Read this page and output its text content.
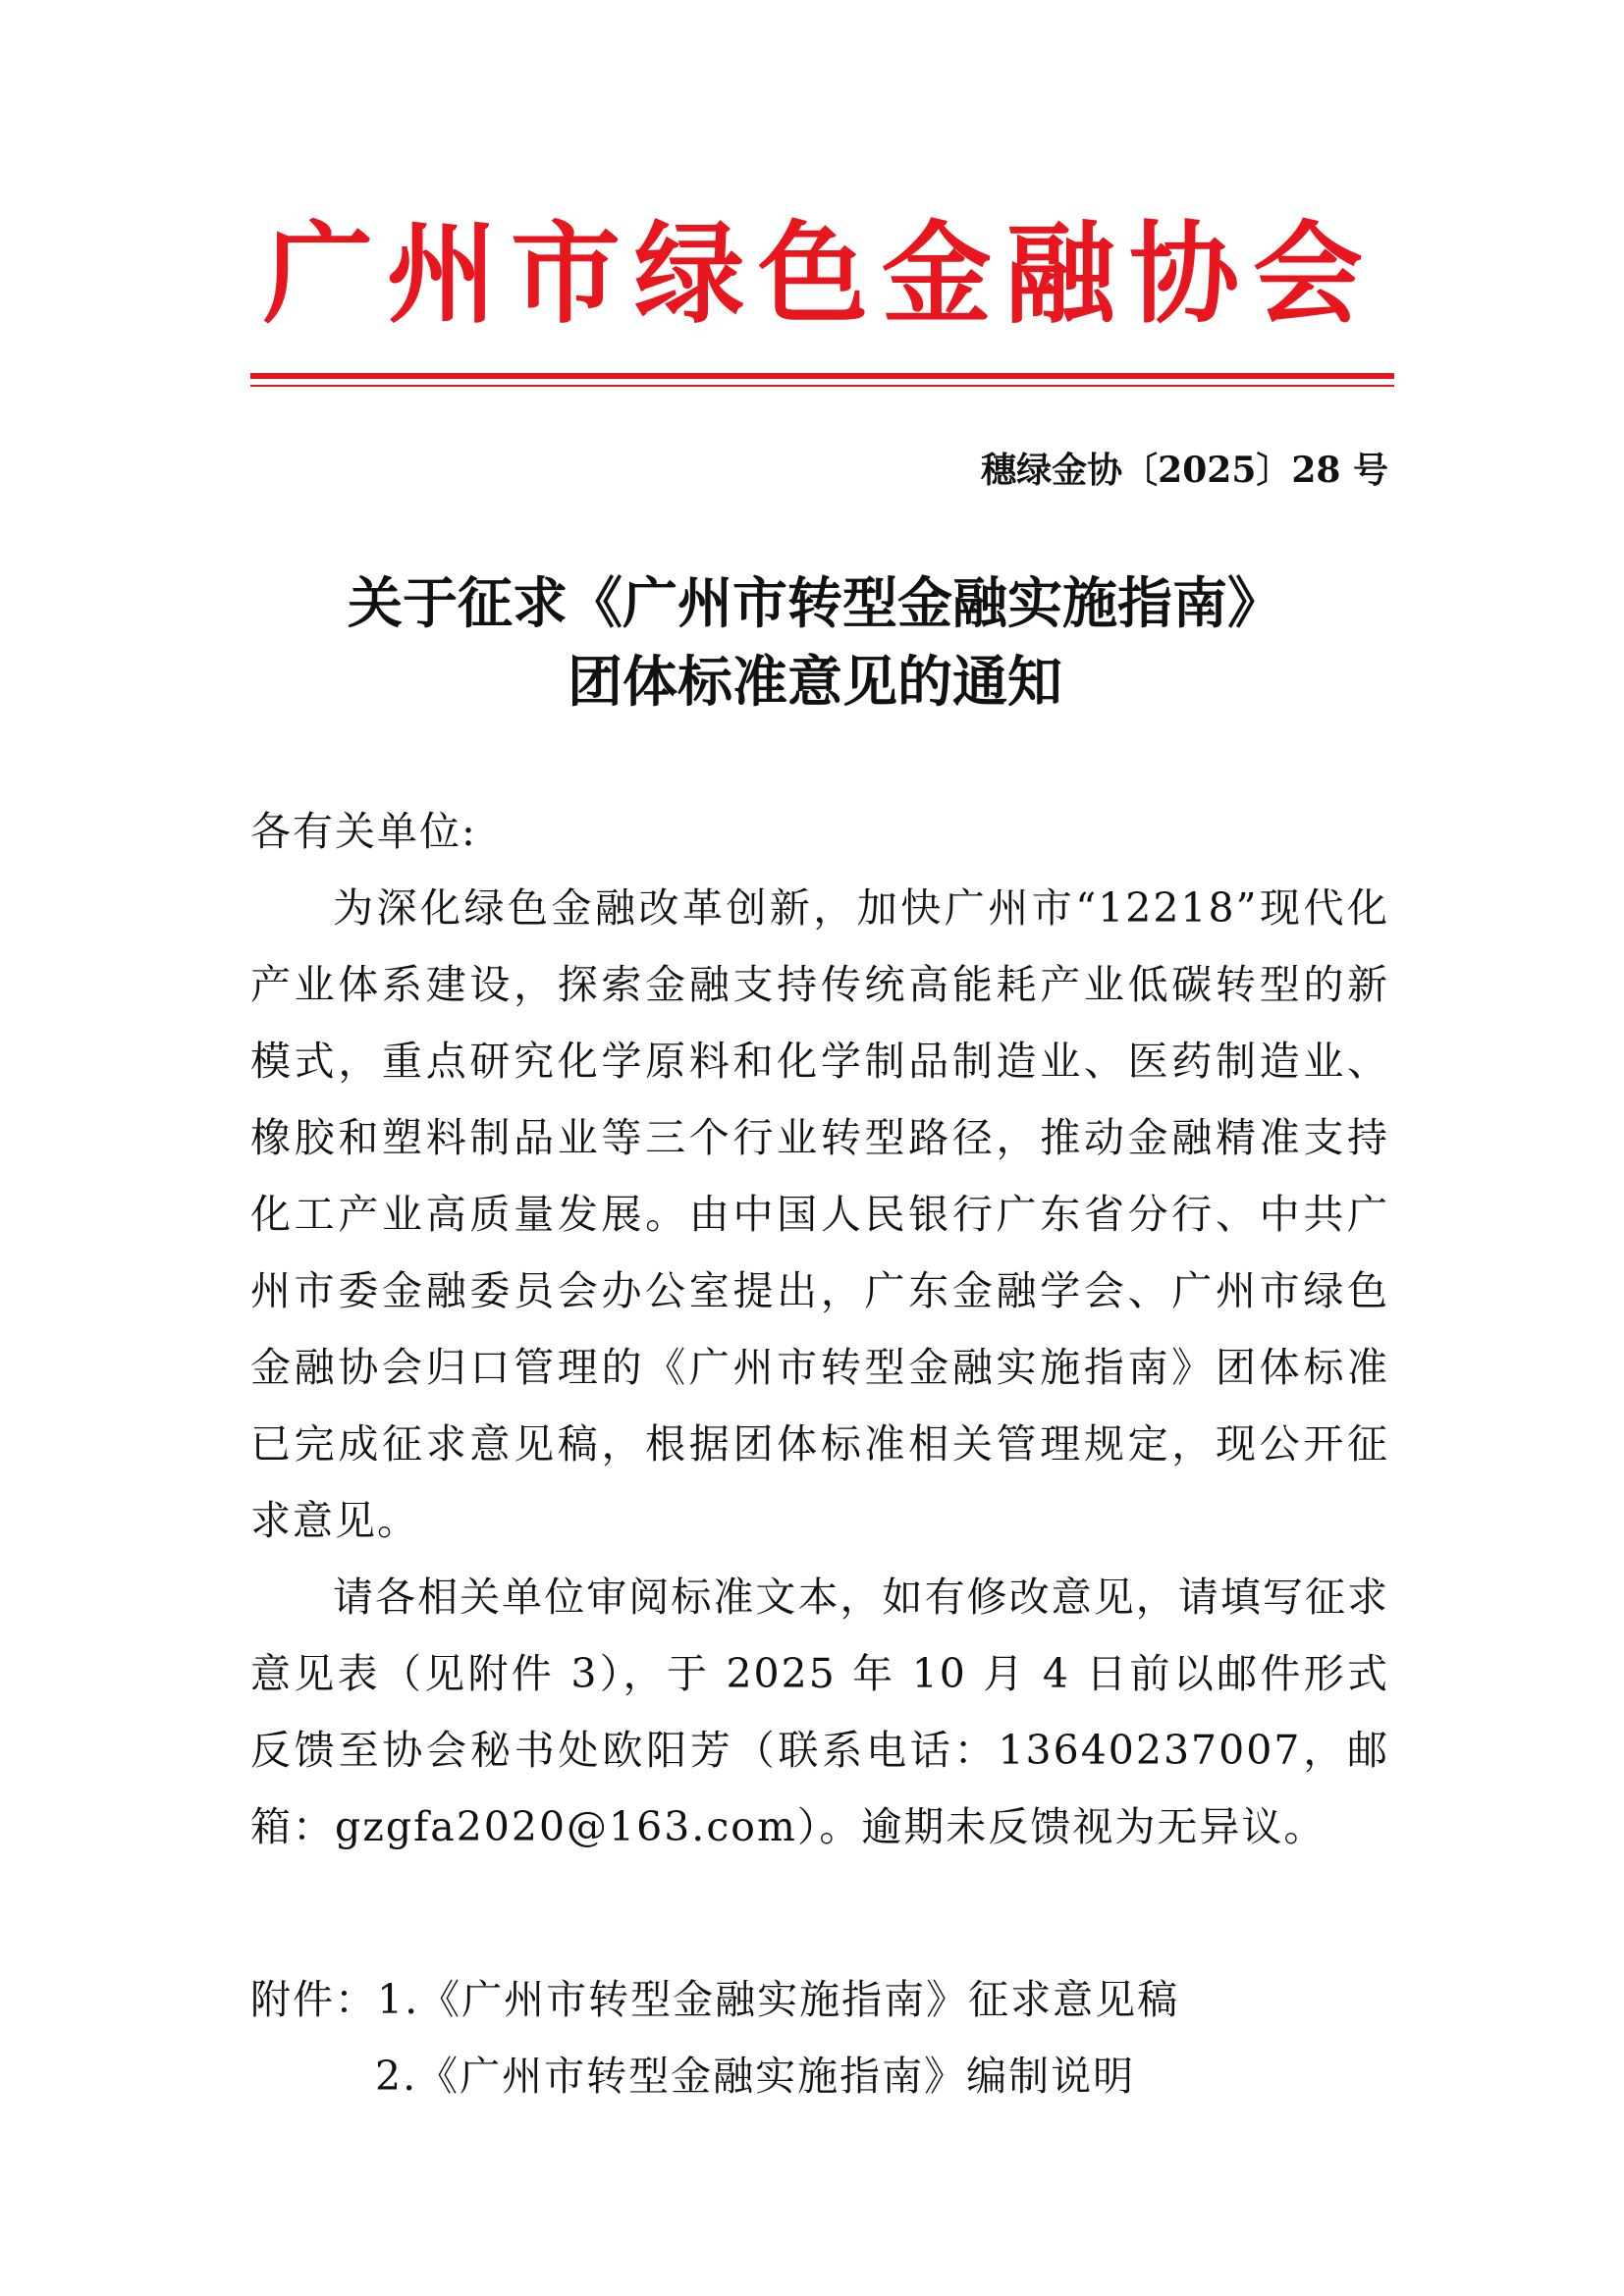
广州市绿色金融协会
穗绿金协〔2025〕28 号
关于征求《广州市转型金融实施指南》
团体标准意见的通知
各有关单位:
为深化绿色金融改革创新，加快广州市“12218”现代化产业体系建设，探索金融支持传统高能耗产业低碳转型的新模式，重点研究化学原料和化学制品制造业、医药制造业、橡胶和塑料制品业等三个行业转型路径，推动金融精准支持化工产业高质量发展。由中国人民银行广东省分行、中共广州市委金融委员会办公室提出，广东金融学会、广州市绿色金融协会归口管理的《广州市转型金融实施指南》团体标准已完成征求意见稿，根据团体标准相关管理规定，现公开征求意见。
请各相关单位审阅标准文本，如有修改意见，请填写征求意见表（见附件 3），于 2025 年 10 月 4 日前以邮件形式反馈至协会秘书处欧阳芳（联系电话：13640237007，邮箱：gzgfa2020@163.com）。逾期未反馈视为无异议。
附件：1.《广州市转型金融实施指南》征求意见稿
2.《广州市转型金融实施指南》编制说明
